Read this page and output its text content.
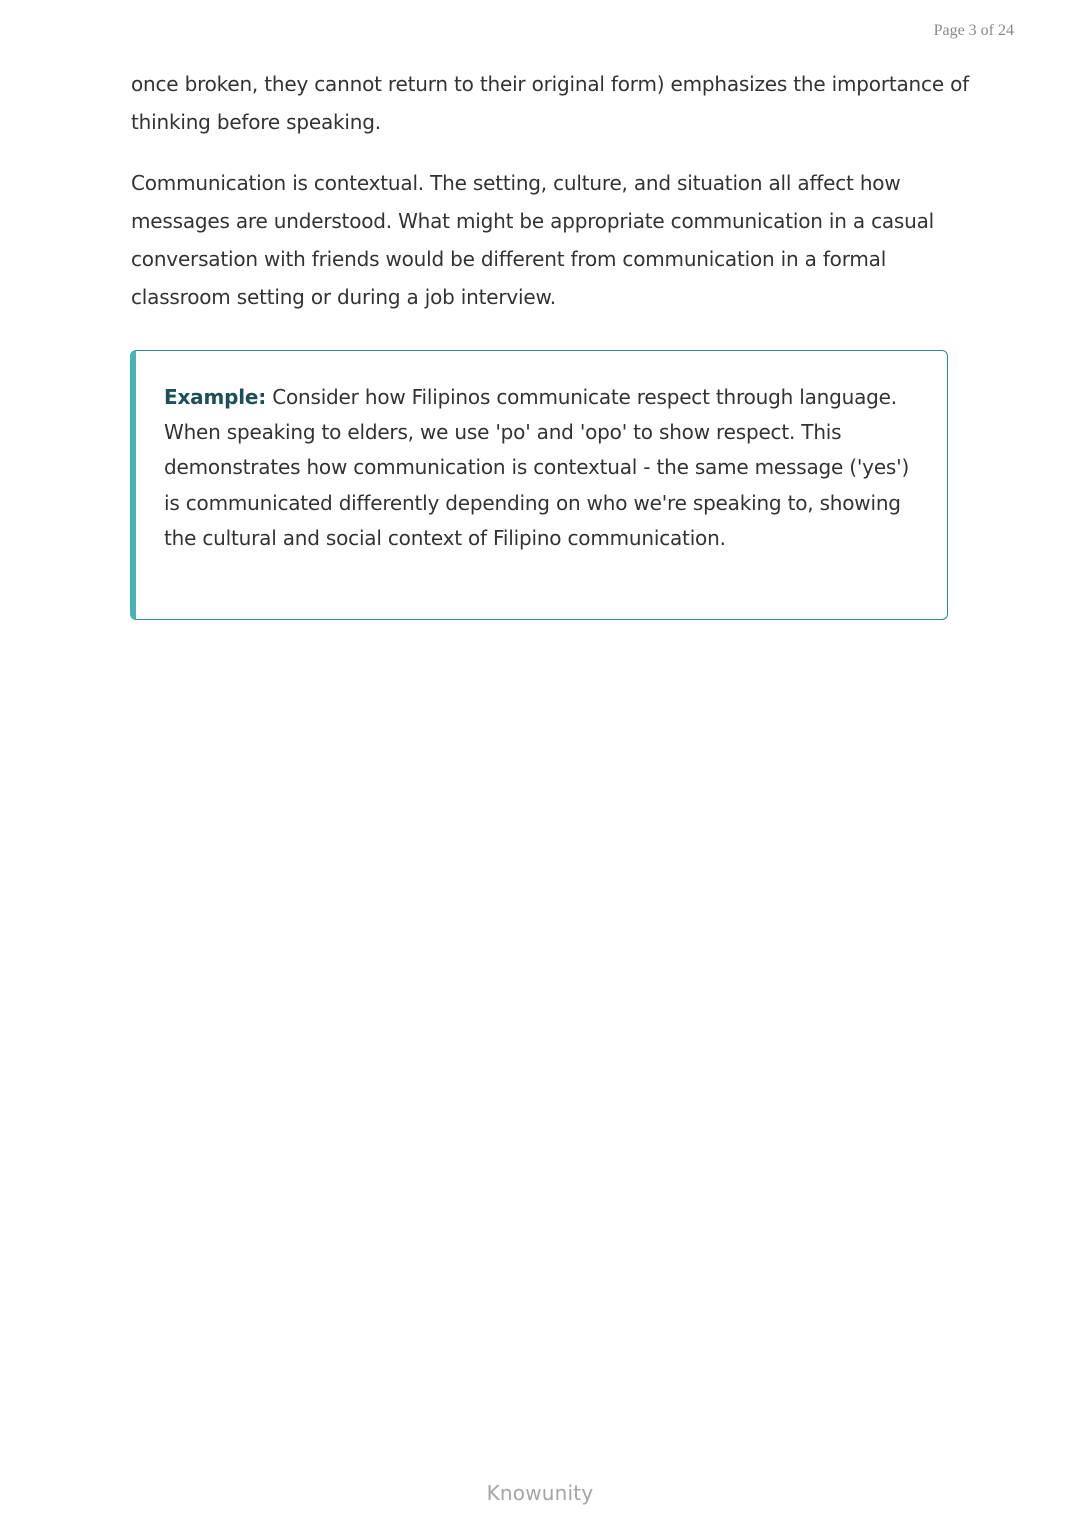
Page 3 of 24

once broken, they cannot return to their original form) emphasizes the importance of thinking before speaking.

Communication is contextual. The setting, culture, and situation all affect how messages are understood. What might be appropriate communication in a casual conversation with friends would be different from communication in a formal classroom setting or during a job interview.

Example: Consider how Filipinos communicate respect through language. When speaking to elders, we use 'po' and 'opo' to show respect. This demonstrates how communication is contextual - the same message ('yes') is communicated differently depending on who we're speaking to, showing the cultural and social context of Filipino communication.

Knowunity
